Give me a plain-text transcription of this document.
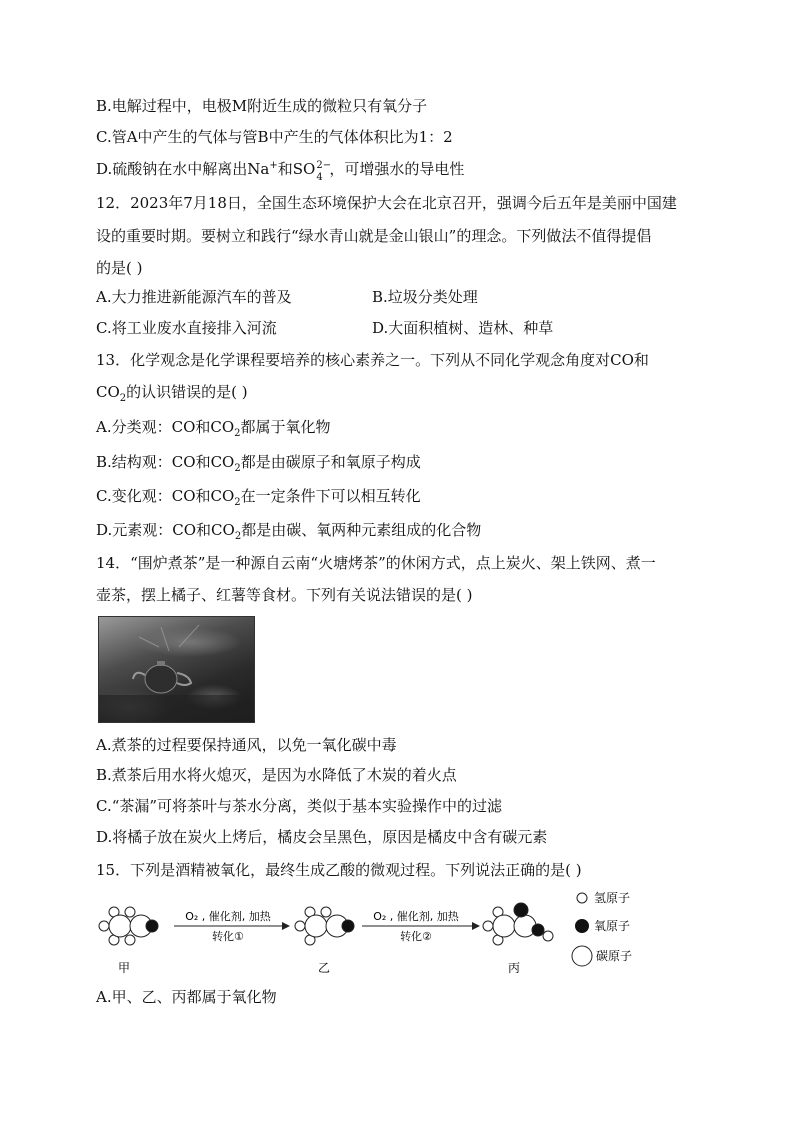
B.电解过程中，电极M附近生成的微粒只有氧分子
C.管A中产生的气体与管B中产生的气体体积比为1：2
D.硫酸钠在水中解离出Na+和SO 2−
4 ，可增强水的导电性
12．2023年7月18日，全国生态环境保护大会在北京召开，强调今后五年是美丽中国建
设的重要时期。要树立和践行“绿水青山就是金山银山”的理念。下列做法不值得提倡
的是( )
A.大力推进新能源汽车的普及	B.垃圾分类处理
C.将工业废水直接排入河流	D.大面积植树、造林、种草
13．化学观念是化学课程要培养的核心素养之一。下列从不同化学观念角度对CO和
$CO_2$的认识错误的是( )
A.分类观：CO和$CO_2$都属于氧化物
B.结构观：CO和$CO_2$都是由碳原子和氧原子构成
C.变化观：CO和$CO_2$在一定条件下可以相互转化
D.元素观：CO和$CO_2$都是由碳、氧两种元素组成的化合物
14．“围炉煮茶”是一种源自云南“火塘烤茶”的休闲方式，点上炭火、架上铁网、煮一
壶茶，摆上橘子、红薯等食材。下列有关说法错误的是( )
A.煮茶的过程要保持通风，以免一氧化碳中毒
B.煮茶后用水将火熄灭，是因为水降低了木炭的着火点
C.“茶漏”可将茶叶与茶水分离，类似于基本实验操作中的过滤
D.将橘子放在炭火上烤后，橘皮会呈黑色，原因是橘皮中含有碳元素
15．下列是酒精被氧化，最终生成乙酸的微观过程。下列说法正确的是( )
O₂ , 催化剂, 加热
转化①
O₂ , 催化剂, 加热
转化②
甲	乙	丙
氢原子
氧原子
碳原子
A.甲、乙、丙都属于氧化物
